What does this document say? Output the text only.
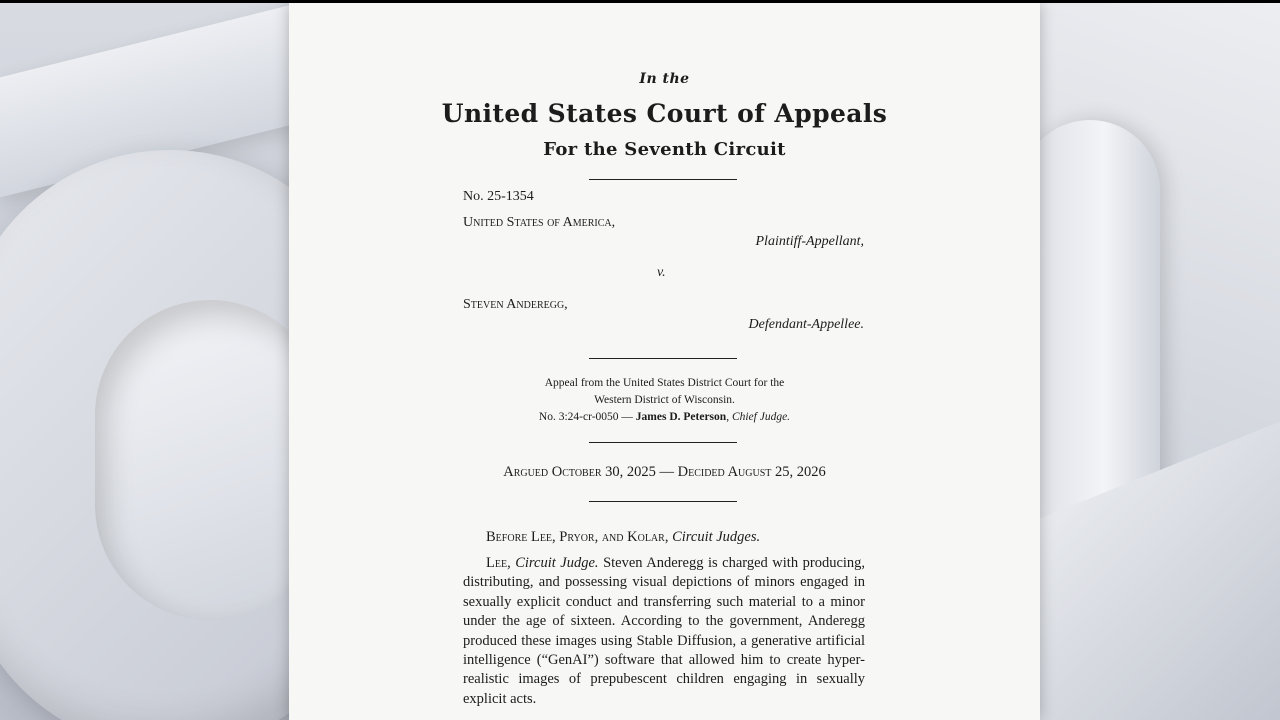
In the
United States Court of Appeals
For the Seventh Circuit
No. 25-1354
United States of America,
Plaintiff-Appellant,
v.
Steven Anderegg,
Defendant-Appellee.
Appeal from the United States District Court for the
Western District of Wisconsin.
No. 3:24-cr-0050 — James D. Peterson, Chief Judge.
Argued October 30, 2025 — Decided August 25, 2026
Before Lee, Pryor, and Kolar, Circuit Judges.
Lee, Circuit Judge. Steven Anderegg is charged with producing, distributing, and possessing visual depictions of minors engaged in sexually explicit conduct and transferring such material to a minor under the age of sixteen. According to the government, Anderegg produced these images using Stable Diffusion, a generative artificial intelligence (“GenAI”) software that allowed him to create hyper-realistic images of prepubescent children engaging in sexually explicit acts.
